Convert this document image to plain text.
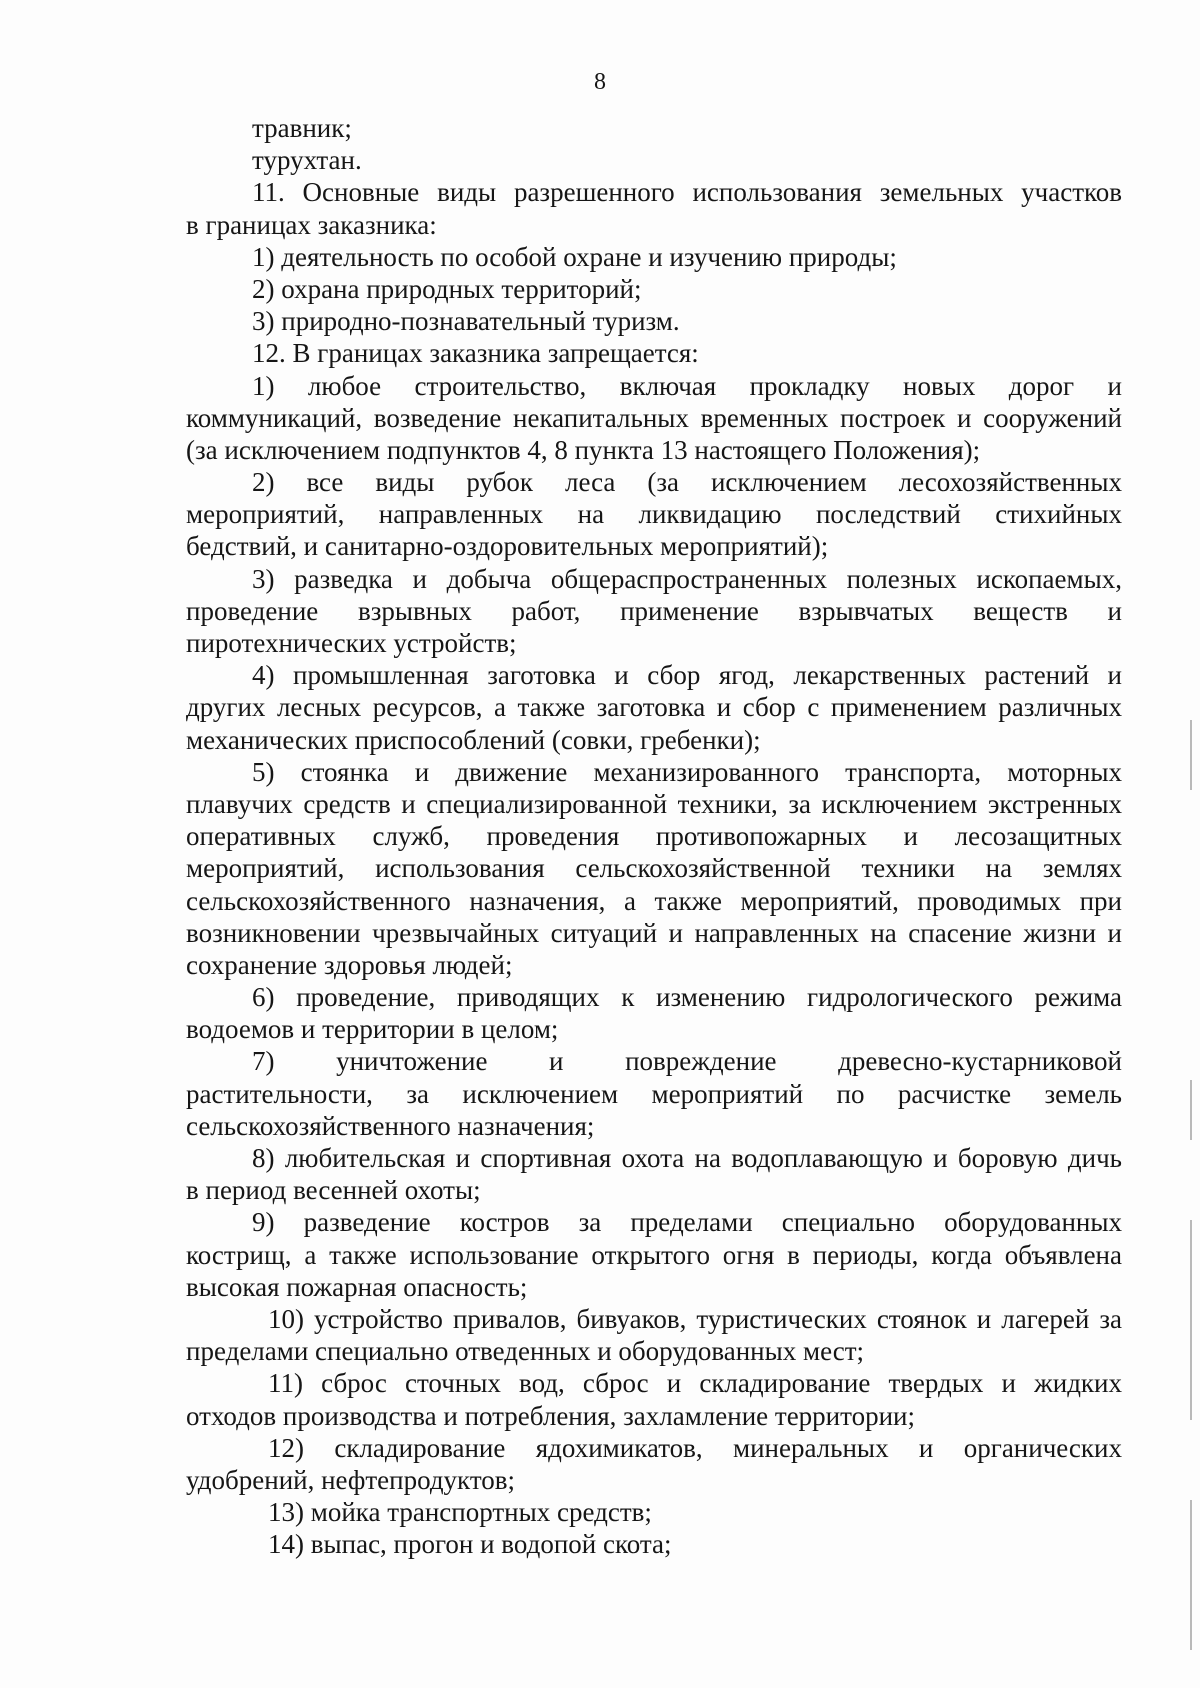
8
травник;
турухтан.
11. Основные виды разрешенного использования земельных участков
в границах заказника:
1) деятельность по особой охране и изучению природы;
2) охрана природных территорий;
3) природно-познавательный туризм.
12. В границах заказника запрещается:
1) любое строительство, включая прокладку новых дорог и
коммуникаций, возведение некапитальных временных построек и сооружений
(за исключением подпунктов 4, 8 пункта 13 настоящего Положения);
2) все виды рубок леса (за исключением лесохозяйственных
мероприятий, направленных на ликвидацию последствий стихийных
бедствий, и санитарно-оздоровительных мероприятий);
3) разведка и добыча общераспространенных полезных ископаемых,
проведение взрывных работ, применение взрывчатых веществ и
пиротехнических устройств;
4) промышленная заготовка и сбор ягод, лекарственных растений и
других лесных ресурсов, а также заготовка и сбор с применением различных
механических приспособлений (совки, гребенки);
5) стоянка и движение механизированного транспорта, моторных
плавучих средств и специализированной техники, за исключением экстренных
оперативных служб, проведения противопожарных и лесозащитных
мероприятий, использования сельскохозяйственной техники на землях
сельскохозяйственного назначения, а также мероприятий, проводимых при
возникновении чрезвычайных ситуаций и направленных на спасение жизни и
сохранение здоровья людей;
6) проведение, приводящих к изменению гидрологического режима
водоемов и территории в целом;
7) уничтожение и повреждение древесно-кустарниковой
растительности, за исключением мероприятий по расчистке земель
сельскохозяйственного назначения;
8) любительская и спортивная охота на водоплавающую и боровую дичь
в период весенней охоты;
9) разведение костров за пределами специально оборудованных
кострищ, а также использование открытого огня в периоды, когда объявлена
высокая пожарная опасность;
10) устройство привалов, бивуаков, туристических стоянок и лагерей за
пределами специально отведенных и оборудованных мест;
11) сброс сточных вод, сброс и складирование твердых и жидких
отходов производства и потребления, захламление территории;
12) складирование ядохимикатов, минеральных и органических
удобрений, нефтепродуктов;
13) мойка транспортных средств;
14) выпас, прогон и водопой скота;
